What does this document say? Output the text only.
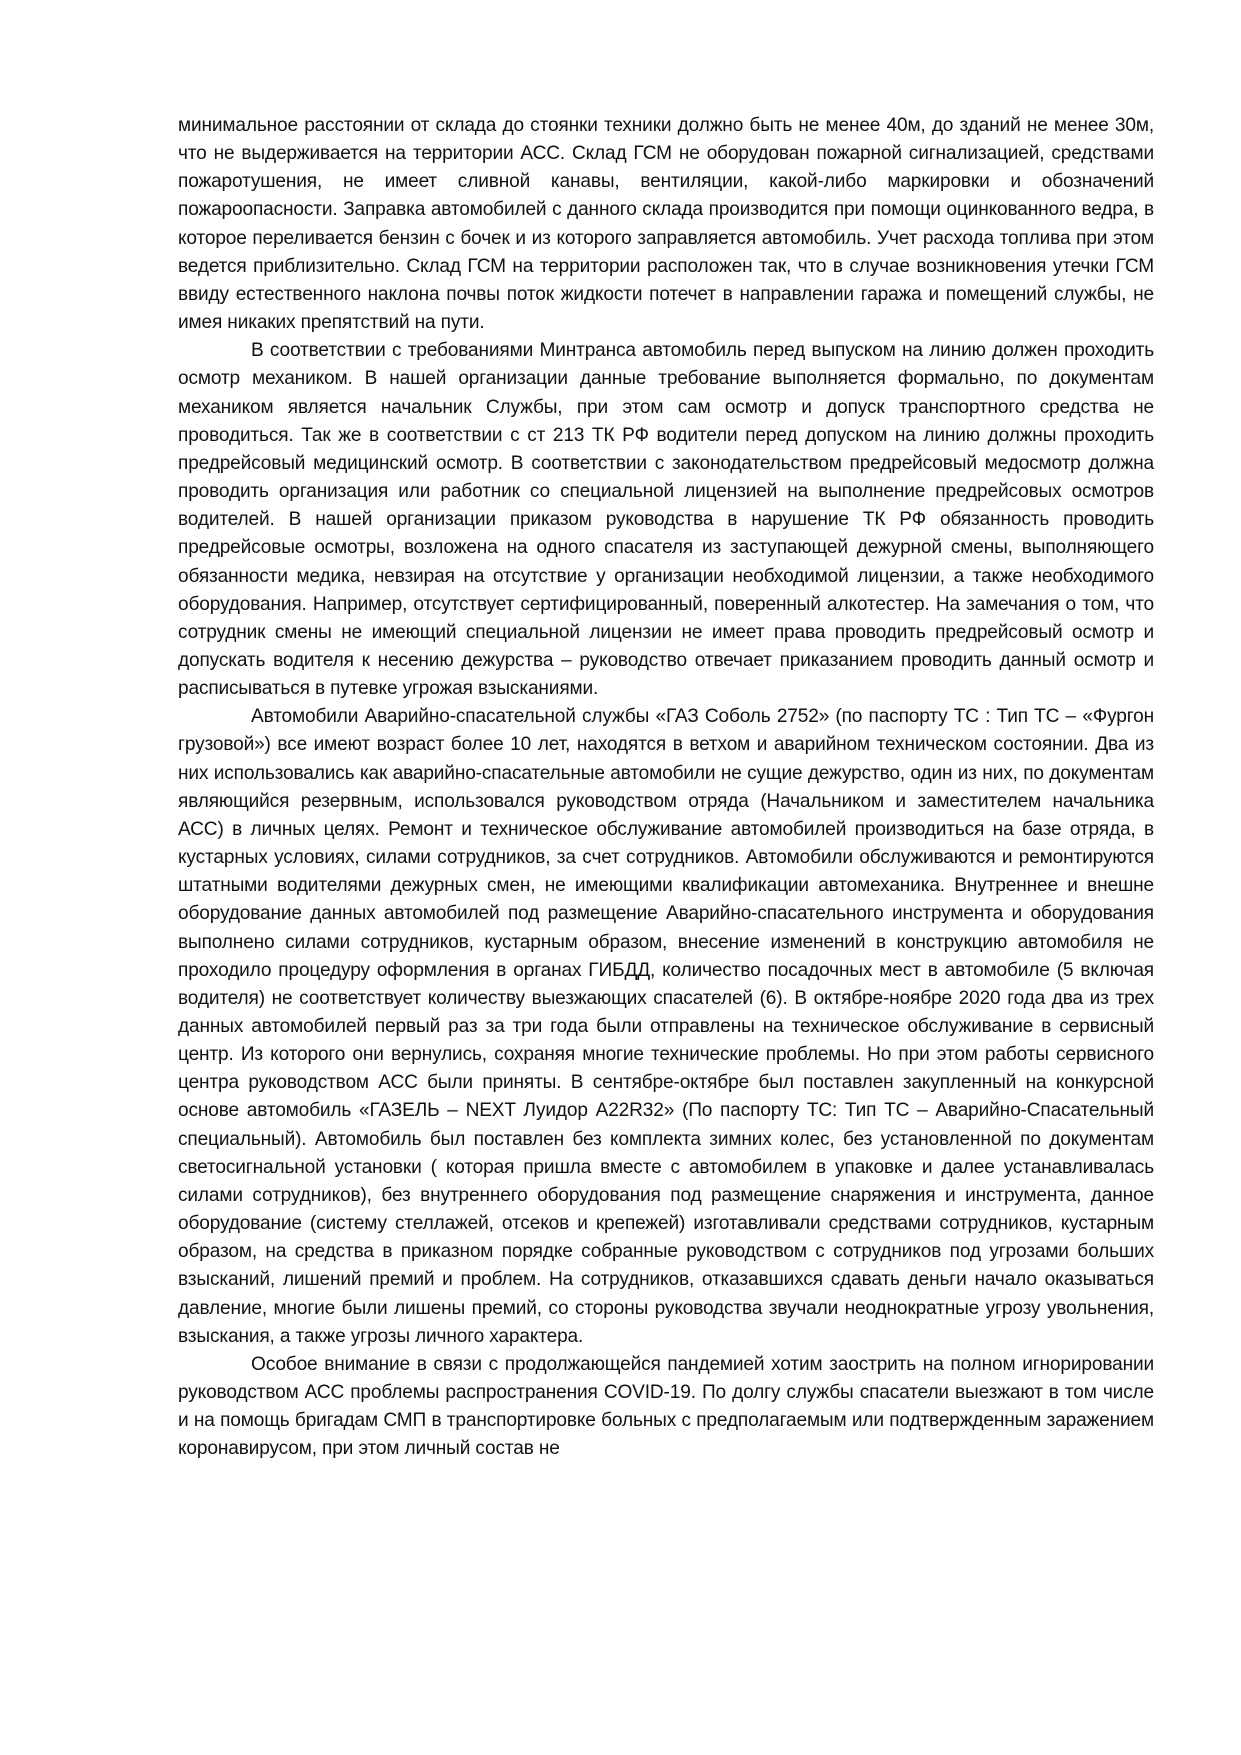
минимальное расстоянии от склада до стоянки техники должно быть не менее 40м, до зданий не менее 30м, что не выдерживается на территории АСС. Склад ГСМ не оборудован пожарной сигнализацией, средствами пожаротушения, не имеет сливной канавы, вентиляции, какой-либо маркировки и обозначений пожароопасности. Заправка автомобилей с данного склада производится при помощи оцинкованного ведра, в которое переливается бензин с бочек и из которого заправляется автомобиль. Учет расхода топлива при этом ведется приблизительно. Склад ГСМ на территории расположен так, что в случае возникновения утечки ГСМ ввиду естественного наклона почвы поток жидкости потечет в направлении гаража и помещений службы, не имея никаких препятствий на пути.

В соответствии с требованиями Минтранса автомобиль перед выпуском на линию должен проходить осмотр механиком. В нашей организации данные требование выполняется формально, по документам механиком является начальник Службы, при этом сам осмотр и допуск транспортного средства не проводиться. Так же в соответствии с ст 213 ТК РФ водители перед допуском на линию должны проходить предрейсовый медицинский осмотр. В соответствии с законодательством предрейсовый медосмотр должна проводить организация или работник со специальной лицензией на выполнение предрейсовых осмотров водителей. В нашей организации приказом руководства в нарушение ТК РФ обязанность проводить предрейсовые осмотры, возложена на одного спасателя из заступающей дежурной смены, выполняющего обязанности медика, невзирая на отсутствие у организации необходимой лицензии, а также необходимого оборудования. Например, отсутствует сертифицированный, поверенный алкотестер. На замечания о том, что сотрудник смены не имеющий специальной лицензии не имеет права проводить предрейсовый осмотр и допускать водителя к несению дежурства – руководство отвечает приказанием проводить данный осмотр и расписываться в путевке угрожая взысканиями.

Автомобили Аварийно-спасательной службы «ГАЗ Соболь 2752» (по паспорту ТС : Тип ТС – «Фургон грузовой») все имеют возраст более 10 лет, находятся в ветхом и аварийном техническом состоянии. Два из них использовались как аварийно-спасательные автомобили не сущие дежурство, один из них, по документам являющийся резервным, использовался руководством отряда (Начальником и заместителем начальника АСС) в личных целях. Ремонт и техническое обслуживание автомобилей производиться на базе отряда, в кустарных условиях, силами сотрудников, за счет сотрудников. Автомобили обслуживаются и ремонтируются штатными водителями дежурных смен, не имеющими квалификации автомеханика. Внутреннее и внешне оборудование данных автомобилей под размещение Аварийно-спасательного инструмента и оборудования выполнено силами сотрудников, кустарным образом, внесение изменений в конструкцию автомобиля не проходило процедуру оформления в органах ГИБДД, количество посадочных мест в автомобиле (5 включая водителя) не соответствует количеству выезжающих спасателей (6). В октябре-ноябре 2020 года два из трех данных автомобилей первый раз за три года были отправлены на техническое обслуживание в сервисный центр. Из которого они вернулись, сохраняя многие технические проблемы. Но при этом работы сервисного центра руководством АСС были приняты. В сентябре-октябре был поставлен закупленный на конкурсной основе автомобиль «ГАЗЕЛЬ – NEXT Луидор А22R32» (По паспорту ТС: Тип ТС – Аварийно-Спасательный специальный). Автомобиль был поставлен без комплекта зимних колес, без установленной по документам светосигнальной установки ( которая пришла вместе с автомобилем в упаковке и далее устанавливалась силами сотрудников), без внутреннего оборудования под размещение снаряжения и инструмента, данное оборудование (систему стеллажей, отсеков и крепежей) изготавливали средствами сотрудников, кустарным образом, на средства в приказном порядке собранные руководством с сотрудников под угрозами больших взысканий, лишений премий и проблем. На сотрудников, отказавшихся сдавать деньги начало оказываться давление, многие были лишены премий, со стороны руководства звучали неоднократные угрозу увольнения, взыскания, а также угрозы личного характера.

Особое внимание в связи с продолжающейся пандемией хотим заострить на полном игнорировании руководством АСС проблемы распространения COVID-19. По долгу службы спасатели выезжают в том числе и на помощь бригадам СМП в транспортировке больных с предполагаемым или подтвержденным заражением коронавирусом, при этом личный состав не
